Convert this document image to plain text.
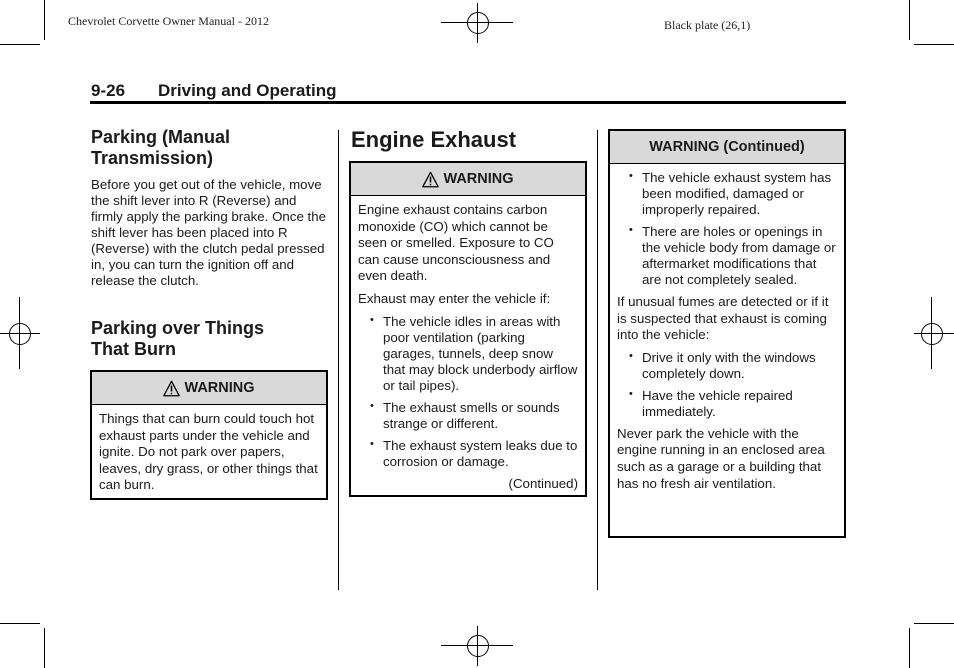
Chevrolet Corvette Owner Manual - 2012	Black plate (26,1)
9-26 Driving and Operating
Parking (Manual Transmission)

Before you get out of the vehicle, move the shift lever into R (Reverse) and firmly apply the parking brake. Once the shift lever has been placed into R (Reverse) with the clutch pedal pressed in, you can turn the ignition off and release the clutch.

Parking over Things That Burn
WARNING

Things that can burn could touch hot exhaust parts under the vehicle and ignite. Do not park over papers, leaves, dry grass, or other things that can burn.

Engine Exhaust
WARNING

Engine exhaust contains carbon monoxide (CO) which cannot be seen or smelled. Exposure to CO can cause unconsciousness and even death.

Exhaust may enter the vehicle if:

• The vehicle idles in areas with poor ventilation (parking garages, tunnels, deep snow that may block underbody airflow or tail pipes).
• The exhaust smells or sounds strange or different.
• The exhaust system leaks due to corrosion or damage.

(Continued)

WARNING (Continued)
• The vehicle exhaust system has been modified, damaged or improperly repaired.
• There are holes or openings in the vehicle body from damage or aftermarket modifications that are not completely sealed.

If unusual fumes are detected or if it is suspected that exhaust is coming into the vehicle:

• Drive it only with the windows completely down.
• Have the vehicle repaired immediately.

Never park the vehicle with the engine running in an enclosed area such as a garage or a building that has no fresh air ventilation.
